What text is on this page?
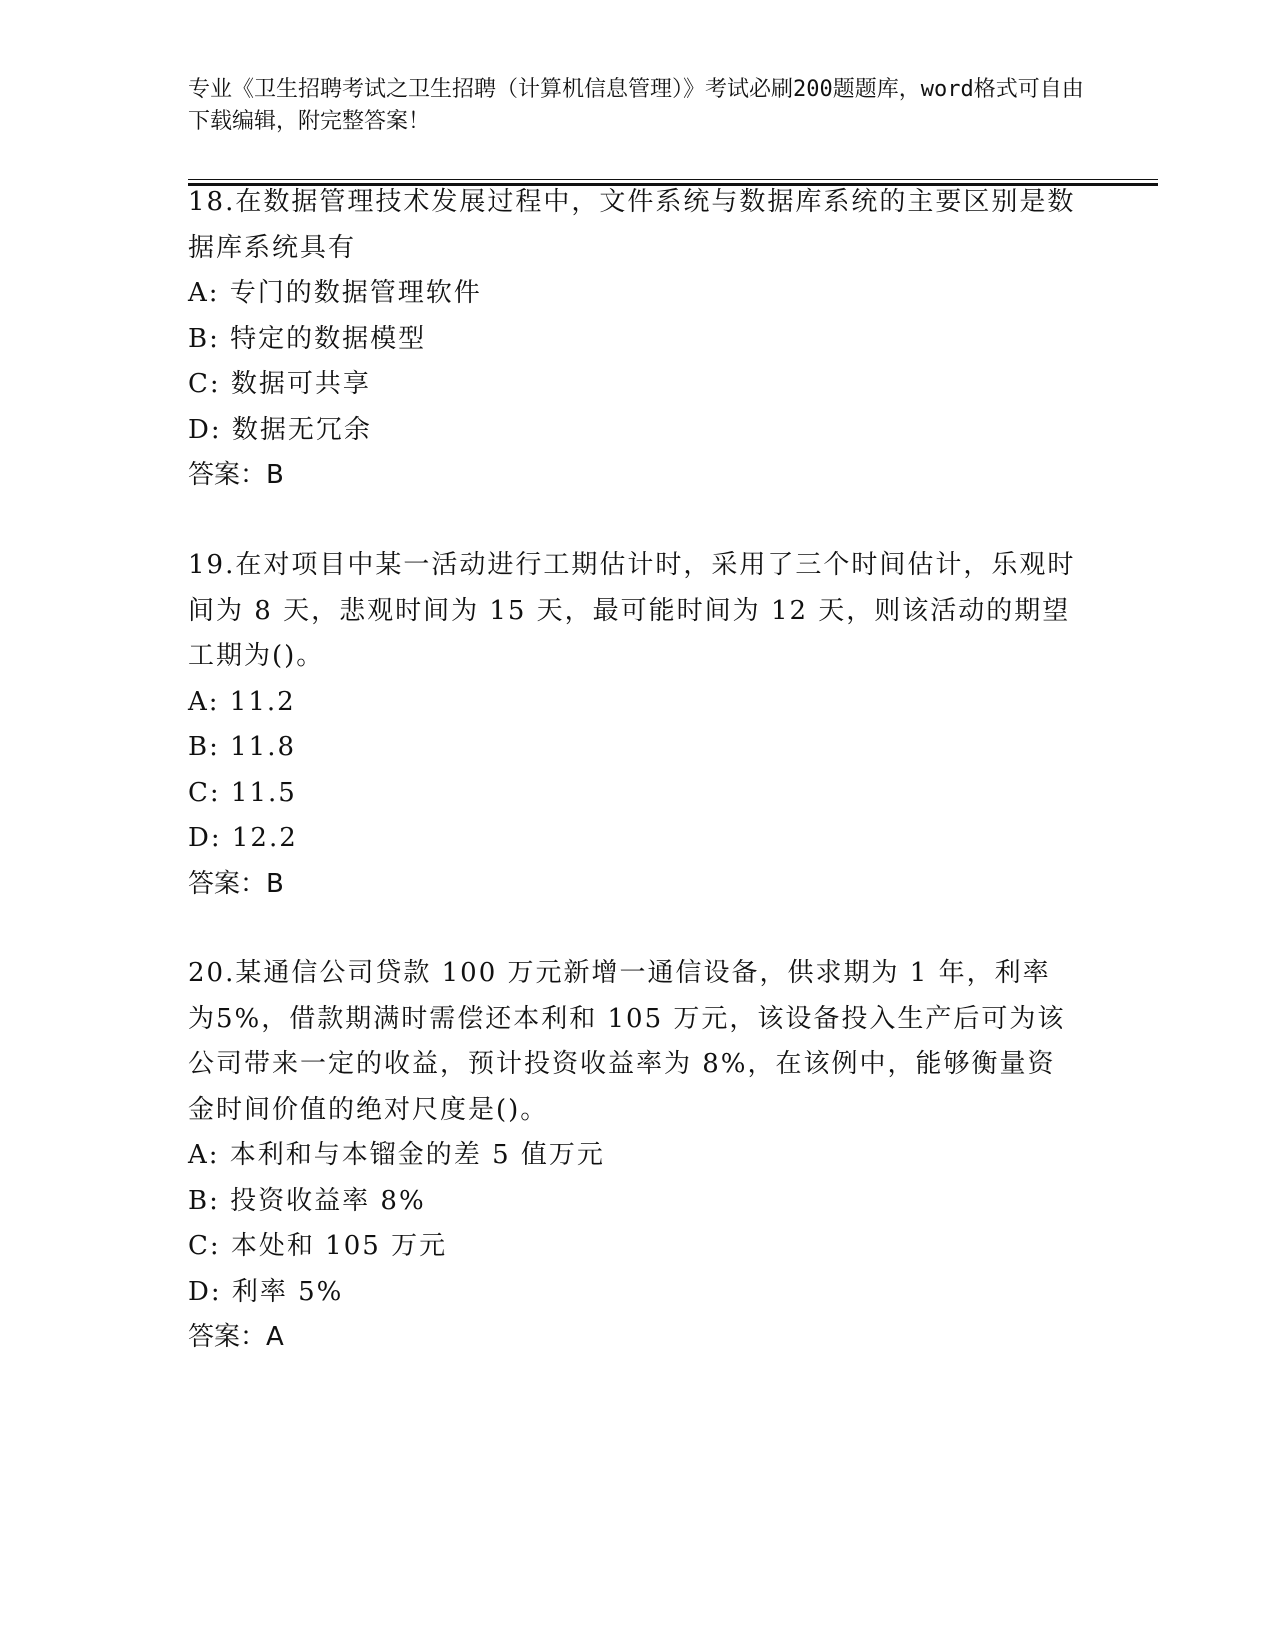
专业《卫生招聘考试之卫生招聘（计算机信息管理）》考试必刷200题题库，word格式可自由下载编辑，附完整答案！

18.在数据管理技术发展过程中，文件系统与数据库系统的主要区别是数据库系统具有

A: 专门的数据管理软件

B: 特定的数据模型

C: 数据可共享

D: 数据无冗余

答案：B

19.在对项目中某一活动进行工期估计时，采用了三个时间估计，乐观时间为 8 天，悲观时间为 15 天，最可能时间为 12 天，则该活动的期望工期为()。

A: 11.2

B: 11.8

C: 11.5

D: 12.2

答案：B

20.某通信公司贷款 100 万元新增一通信设备，供求期为 1 年，利率为5%，借款期满时需偿还本利和 105 万元，该设备投入生产后可为该公司带来一定的收益，预计投资收益率为 8%，在该例中，能够衡量资金时间价值的绝对尺度是()。

A: 本利和与本镏金的差 5 值万元

B: 投资收益率 8%

C: 本处和 105 万元

D: 利率 5%

答案：A
